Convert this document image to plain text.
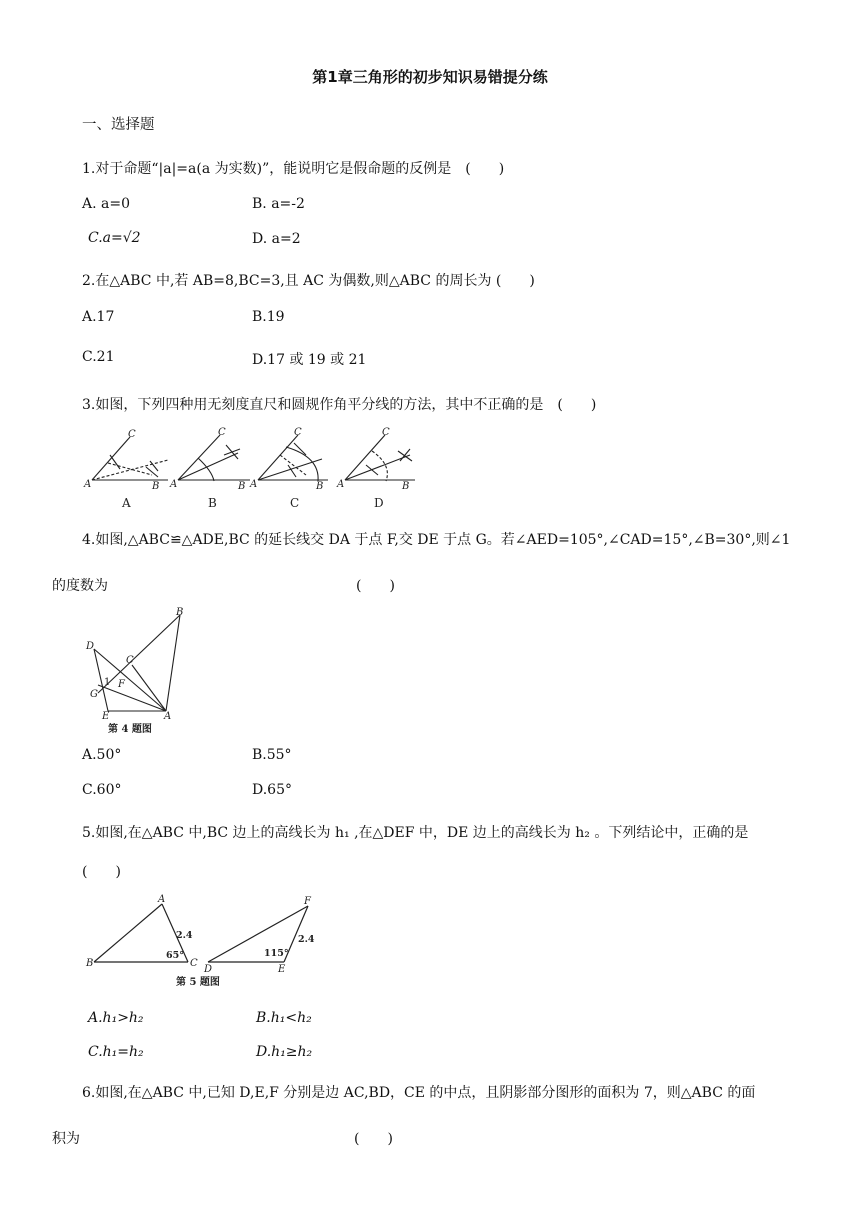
第1章三角形的初步知识易错提分练
一、选择题
1.对于命题“|a|=a(a 为实数)”，能说明它是假命题的反例是　(　　)
A. a=0	B. a=-2
C.a=√2	D. a=2
2.在△ABC 中,若 AB=8,BC=3,且 AC 为偶数,则△ABC 的周长为 (　　)
A.17	B.19
C.21	D.17 或 19 或 21
3.如图，下列四种用无刻度直尺和圆规作角平分线的方法，其中不正确的是　(　　)
A	B
C
A	B
C
A	B
C
A	B
C
A	B	C	D
4.如图,△ABC≌△ADE,BC 的延长线交 DA 于点 F,交 DE 于点 G。若∠AED=105°,∠CAD=15°,∠B=30°,则∠1
的度数为	(　　)
D
B
C
F
1
G
E	A
第 4 题图
A.50°	B.55°
C.60°	D.65°
5.如图,在△ABC 中,BC 边上的高线长为 h₁ ,在△DEF 中，DE 边上的高线长为 h₂ 。下列结论中，正确的是
(　　)
B
A
C
D	E
F
2.4
65°
2.4
115°
第 5 题图
A.h₁>h₂	B.h₁<h₂
C.h₁=h₂	D.h₁≥h₂
6.如图,在△ABC 中,已知 D,E,F 分别是边 AC,BD，CE 的中点，且阴影部分图形的面积为 7，则△ABC 的面
积为	(　　)
